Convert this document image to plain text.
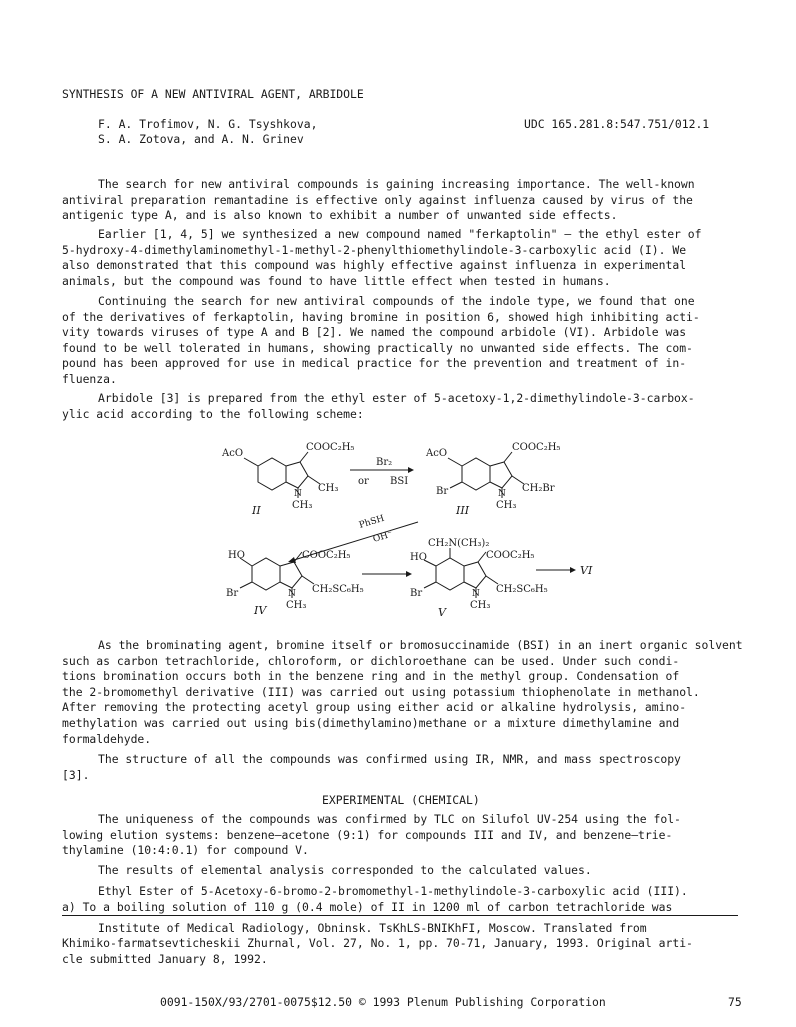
SYNTHESIS OF A NEW ANTIVIRAL AGENT, ARBIDOLE

F. A. Trofimov, N. G. Tsyshkova,

S. A. Zotova, and A. N. Grinev

UDC 165.281.8:547.751/012.1

The search for new antiviral compounds is gaining increasing importance. The well-known
antiviral preparation remantadine is effective only against influenza caused by virus of the
antigenic type A, and is also known to exhibit a number of unwanted side effects.
Earlier [1, 4, 5] we synthesized a new compound named "ferkaptolin" — the ethyl ester of
5-hydroxy-4-dimethylaminomethyl-1-methyl-2-phenylthiomethylindole-3-carboxylic acid (I). We
also demonstrated that this compound was highly effective against influenza in experimental
animals, but the compound was found to have little effect when tested in humans.
Continuing the search for new antiviral compounds of the indole type, we found that one
of the derivatives of ferkaptolin, having bromine in position 6, showed high inhibiting acti-
vity towards viruses of type A and B [2]. We named the compound arbidole (VI). Arbidole was
found to be well tolerated in humans, showing practically no unwanted side effects. The com-
pound has been approved for use in medical practice for the prevention and treatment of in-
fluenza.
Arbidole [3] is prepared from the ethyl ester of 5-acetoxy-1,2-dimethylindole-3-carbox-
ylic acid according to the following scheme:
AcO
COOC₂H₅
N CH₃
CH₃
II
Br₂
or BSI
AcO
COOC₂H₅
Br	N CH₂Br
CH₃
III
PhSH
OH⁻
HO	COOC₂H₅
Br	N CH₂SC₆H₅
CH₃
IV
CH₂N(CH₃)₂
HO	COOC₂H₅
Br	N CH₂SC₆H₅
CH₃
V
VI
As the brominating agent, bromine itself or bromosuccinamide (BSI) in an inert organic solvent
such as carbon tetrachloride, chloroform, or dichloroethane can be used. Under such condi-
tions bromination occurs both in the benzene ring and in the methyl group. Condensation of
the 2-bromomethyl derivative (III) was carried out using potassium thiophenolate in methanol.
After removing the protecting acetyl group using either acid or alkaline hydrolysis, amino-
methylation was carried out using bis(dimethylamino)methane or a mixture dimethylamine and
formaldehyde.
The structure of all the compounds was confirmed using IR, NMR, and mass spectroscopy
[3].

EXPERIMENTAL (CHEMICAL)

The uniqueness of the compounds was confirmed by TLC on Silufol UV-254 using the fol-
lowing elution systems: benzene—acetone (9:1) for compounds III and IV, and benzene—trie-
thylamine (10:4:0.1) for compound V.
The results of elemental analysis corresponded to the calculated values.
Ethyl Ester of 5-Acetoxy-6-bromo-2-bromomethyl-1-methylindole-3-carboxylic acid (III).
a) To a boiling solution of 110 g (0.4 mole) of II in 1200 ml of carbon tetrachloride was
Institute of Medical Radiology, Obninsk. TsKhLS-BNIKhFI, Moscow. Translated from
Khimiko-farmatsevticheskii Zhurnal, Vol. 27, No. 1, pp. 70-71, January, 1993. Original arti-
cle submitted January 8, 1992.

0091-150X/93/2701-0075$12.50 © 1993 Plenum Publishing Corporation	75
